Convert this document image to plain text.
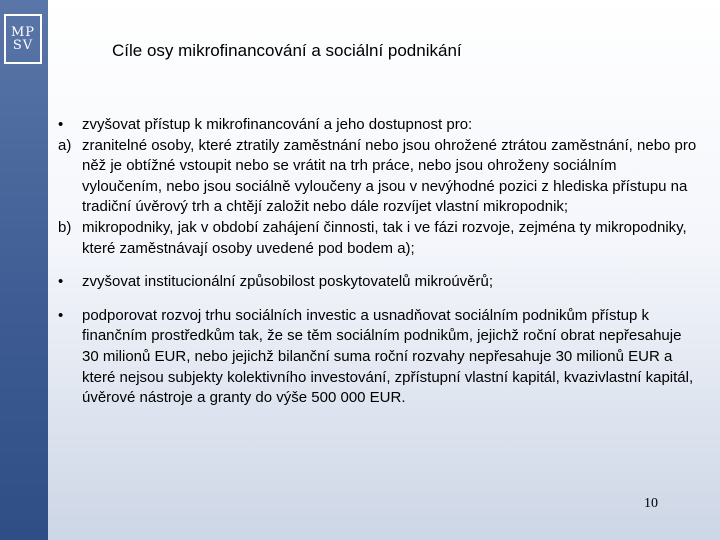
MP
SV	Cíle osy mikrofinancování a sociální podnikání
•	zvyšovat přístup k mikrofinancování a jeho dostupnost pro:
a) zranitelné osoby, které ztratily zaměstnání nebo jsou ohrožené ztrátou zaměstnání, nebo pro něž je obtížné vstoupit nebo se vrátit na trh práce, nebo jsou ohroženy sociálním vyloučením, nebo jsou sociálně vyloučeny a jsou v nevýhodné pozici z hlediska přístupu na tradiční úvěrový trh a chtějí založit nebo dále rozvíjet vlastní mikropodnik;
b) mikropodniky, jak v období zahájení činnosti, tak i ve fázi rozvoje, zejména ty mikropodniky, které zaměstnávají osoby uvedené pod bodem a);
•	zvyšovat institucionální způsobilost poskytovatelů mikroúvěrů;
•	podporovat rozvoj trhu sociálních investic a usnadňovat sociálním podnikům přístup k finančním prostředkům tak, že se těm sociálním podnikům, jejichž roční obrat nepřesahuje 30 milionů EUR, nebo jejichž bilanční suma roční rozvahy nepřesahuje 30 milionů EUR a které nejsou subjekty kolektivního investování, zpřístupní vlastní kapitál, kvazivlastní kapitál, úvěrové nástroje a granty do výše 500 000 EUR.
10
